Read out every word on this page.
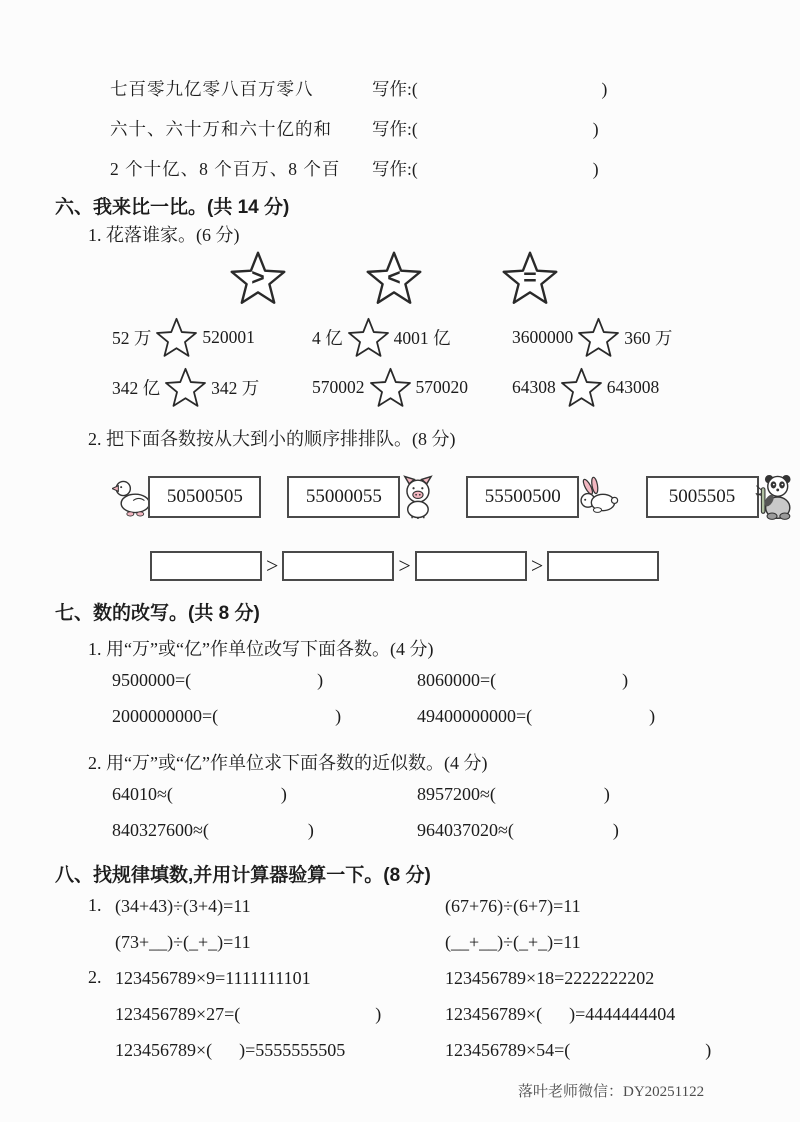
七百零九亿零八百万零八	写作:(                                          )
六十、六十万和六十亿的和	写作:(                                        )
2 个十亿、8 个百万、8 个百	写作:(                                        )
六、我来比一比。(共 14 分)
1. 花落谁家。(6 分)
>	<	=
52 万	520001	4 亿	4001 亿	3600000	360 万
342 亿	342 万	570002	570020	64308	643008
2. 把下面各数按从大到小的顺序排排队。(8 分)
50500505	55000055	55500500	5005505
>	>	>
七、数的改写。(共 8 分)
1. 用“万”或“亿”作单位改写下面各数。(4 分)
9500000=(                            )	8060000=(                            )
2000000000=(                          )	49400000000=(                          )
2. 用“万”或“亿”作单位求下面各数的近似数。(4 分)
64010≈(                        )	8957200≈(                        )
840327600≈(                      )	964037020≈(                      )
八、找规律填数,并用计算器验算一下。(8 分)
1. (34+43)÷(3+4)=11	(67+76)÷(6+7)=11
(73+__)÷(_+_)=11	(__+__)÷(_+_)=11
2. 123456789×9=1111111101	123456789×18=2222222202
123456789×27=(                              )	123456789×(      )=4444444404
123456789×(      )=5555555505	123456789×54=(                              )
落叶老师微信：DY20251122
